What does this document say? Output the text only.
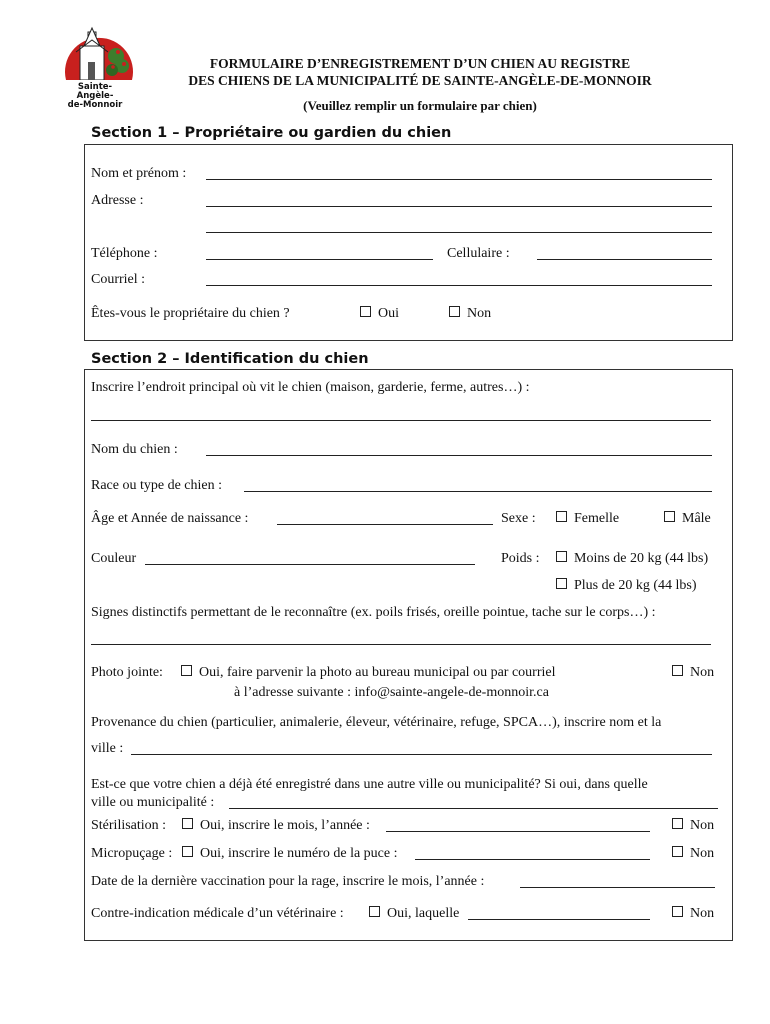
Sainte-Angèle-
de-Monnoir
FORMULAIRE D’ENREGISTREMENT D’UN CHIEN AU REGISTRE
DES CHIENS DE LA MUNICIPALITÉ DE SAINTE-ANGÈLE-DE-MONNOIR
(Veuillez remplir un formulaire par chien)
Section 1 – Propriétaire ou gardien du chien
Nom et prénom :
Adresse :
Téléphone :	Cellulaire :
Courriel :
Êtes-vous le propriétaire du chien ?	Oui	Non
Section 2 – Identification du chien
Inscrire l’endroit principal où vit le chien (maison, garderie, ferme, autres…) :
Nom du chien :
Race ou type de chien :
Âge et Année de naissance :	Sexe :	Femelle	Mâle
Couleur	Poids :	Moins de 20 kg (44 lbs)
Plus de 20 kg (44 lbs)
Signes distinctifs permettant de le reconnaître (ex. poils frisés, oreille pointue, tache sur le corps…) :
Photo jointe:	Oui, faire parvenir la photo au bureau municipal ou par courriel
à l’adresse suivante : info@sainte-angele-de-monnoir.ca
Non
Provenance du chien (particulier, animalerie, éleveur, vétérinaire, refuge, SPCA…), inscrire nom et la
ville :
Est-ce que votre chien a déjà été enregistré dans une autre ville ou municipalité? Si oui, dans quelle
ville ou municipalité :
Stérilisation :	Oui, inscrire le mois, l’année :	Non
Micropuçage :	Oui, inscrire le numéro de la puce :	Non
Date de la dernière vaccination pour la rage, inscrire le mois, l’année :
Contre-indication médicale d’un vétérinaire :	Oui, laquelle	Non
